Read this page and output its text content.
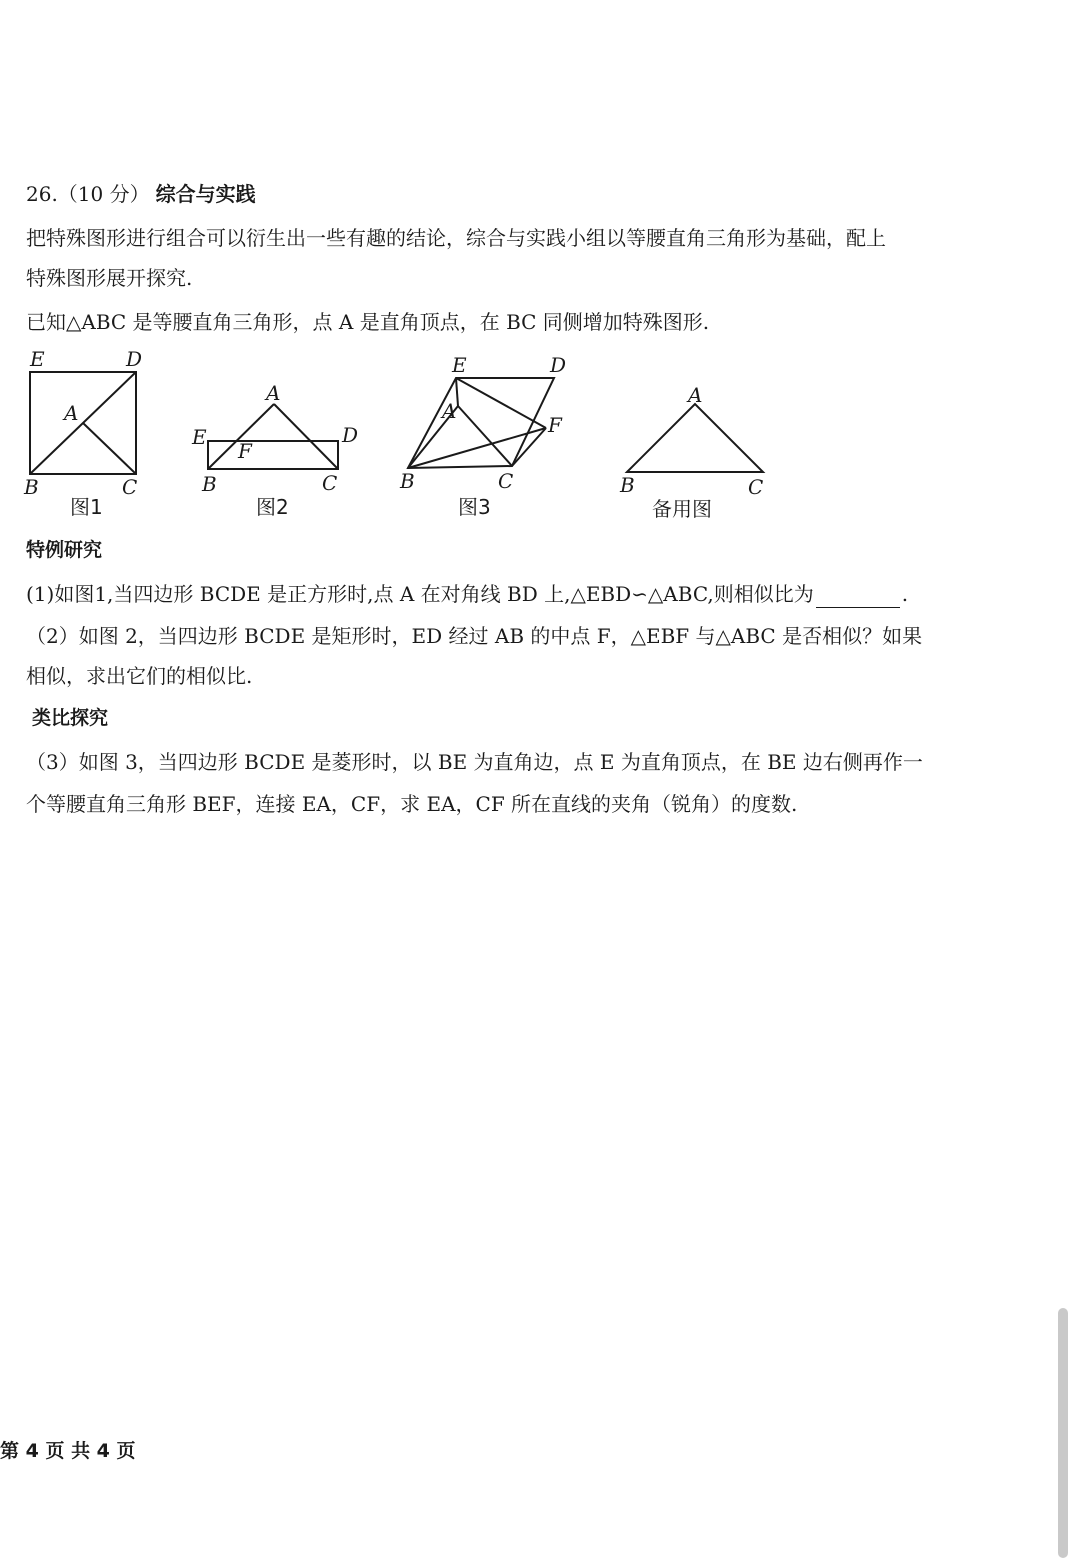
26.（10 分） 综合与实践
把特殊图形进行组合可以衍生出一些有趣的结论，综合与实践小组以等腰直角三角形为基础，配上
特殊图形展开探究.
已知△ABC 是等腰直角三角形，点 A 是直角顶点，在 BC 同侧增加特殊图形.
E	D
A
B	C
图1
A
E
F
D
B	C
图2
E	D
A
F
B	C
图3
A
B	C
备用图
特例研究
(1)如图1,当四边形 BCDE 是正方形时,点 A 在对角线 BD 上,△EBD∽△ABC,则相似比为	.
（2）如图 2，当四边形 BCDE 是矩形时，ED 经过 AB 的中点 F，△EBF 与△ABC 是否相似？如果
相似，求出它们的相似比.
类比探究
（3）如图 3，当四边形 BCDE 是菱形时，以 BE 为直角边，点 E 为直角顶点，在 BE 边右侧再作一
个等腰直角三角形 BEF，连接 EA，CF，求 EA，CF 所在直线的夹角（锐角）的度数.
第 4 页 共 4 页
